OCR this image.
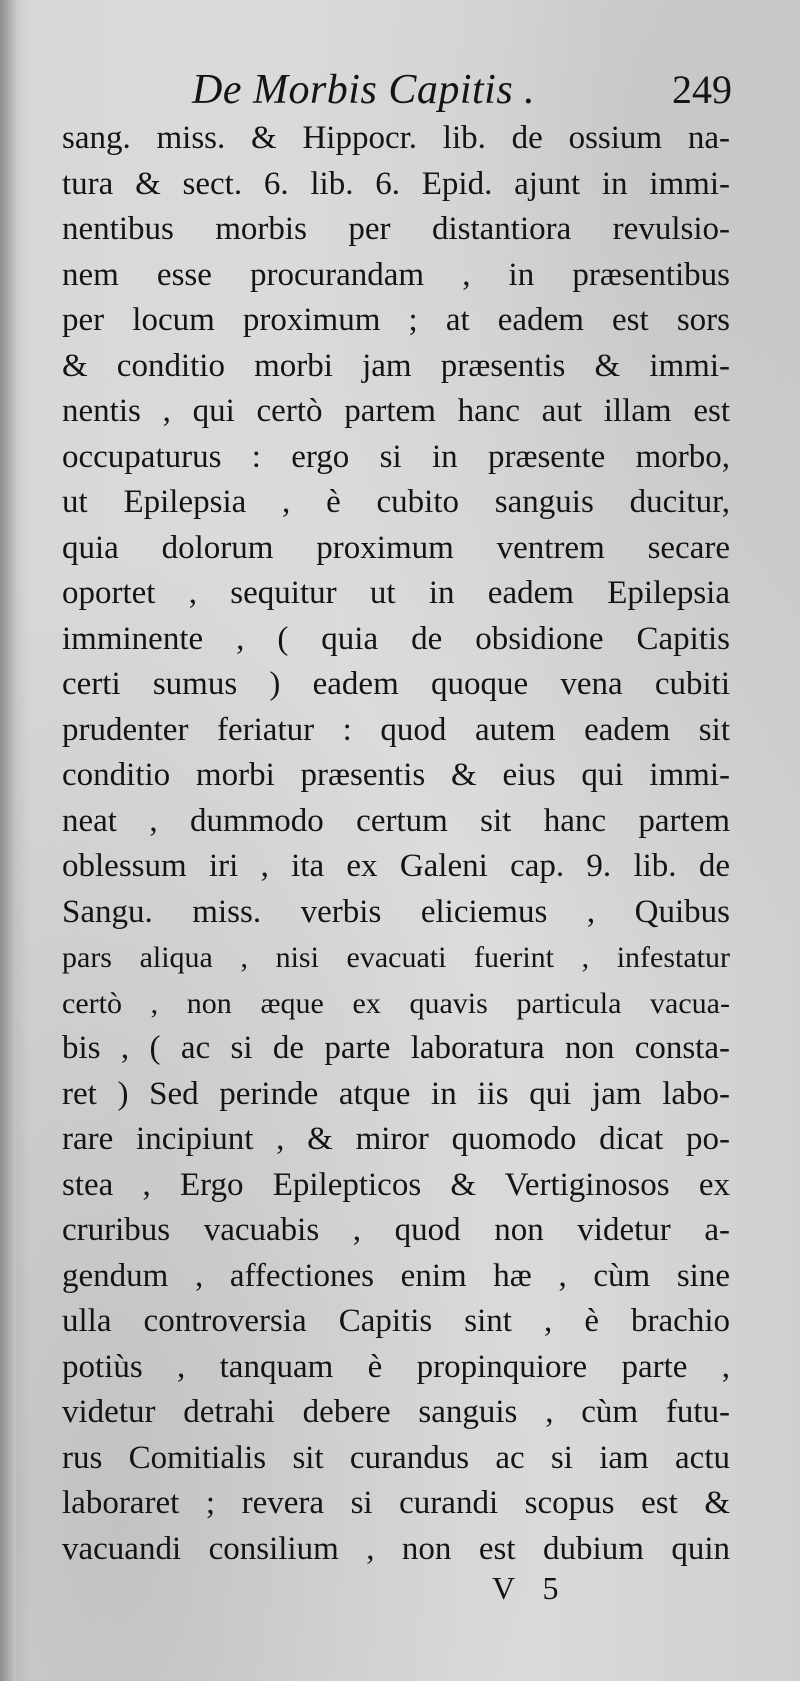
De Morbis Capitis .	249
sang. miss. & Hippocr. lib. de ossium na-
tura & sect. 6. lib. 6. Epid. ajunt in immi-
nentibus morbis per distantiora revulsio-
nem esse procurandam , in præsentibus
per locum proximum ; at eadem est sors
& conditio morbi jam præsentis & immi-
nentis , qui certò partem hanc aut illam est
occupaturus : ergo si in præsente morbo,
ut Epilepsia , è cubito sanguis ducitur,
quia dolorum proximum ventrem secare
oportet , sequitur ut in eadem Epilepsia
imminente , ( quia de obsidione Capitis
certi sumus ) eadem quoque vena cubiti
prudenter feriatur : quod autem eadem sit
conditio morbi præsentis & eius qui immi-
neat , dummodo certum sit hanc partem
oblessum iri , ita ex Galeni cap. 9. lib. de
Sangu. miss. verbis eliciemus , Quibus
pars aliqua , nisi evacuati fuerint , infestatur
certò , non æque ex quavis particula vacua-
bis , ( ac si de parte laboratura non consta-
ret ) Sed perinde atque in iis qui jam labo-
rare incipiunt , & miror quomodo dicat po-
stea , Ergo Epilepticos & Vertiginosos ex
cruribus vacuabis , quod non videtur a-
gendum , affectiones enim hæ , cùm sine
ulla controversia Capitis sint , è brachio
potiùs , tanquam è propinquiore parte ,
videtur detrahi debere sanguis , cùm futu-
rus Comitialis sit curandus ac si iam actu
laboraret ; revera si curandi scopus est &
vacuandi consilium , non est dubium quin
V 5
